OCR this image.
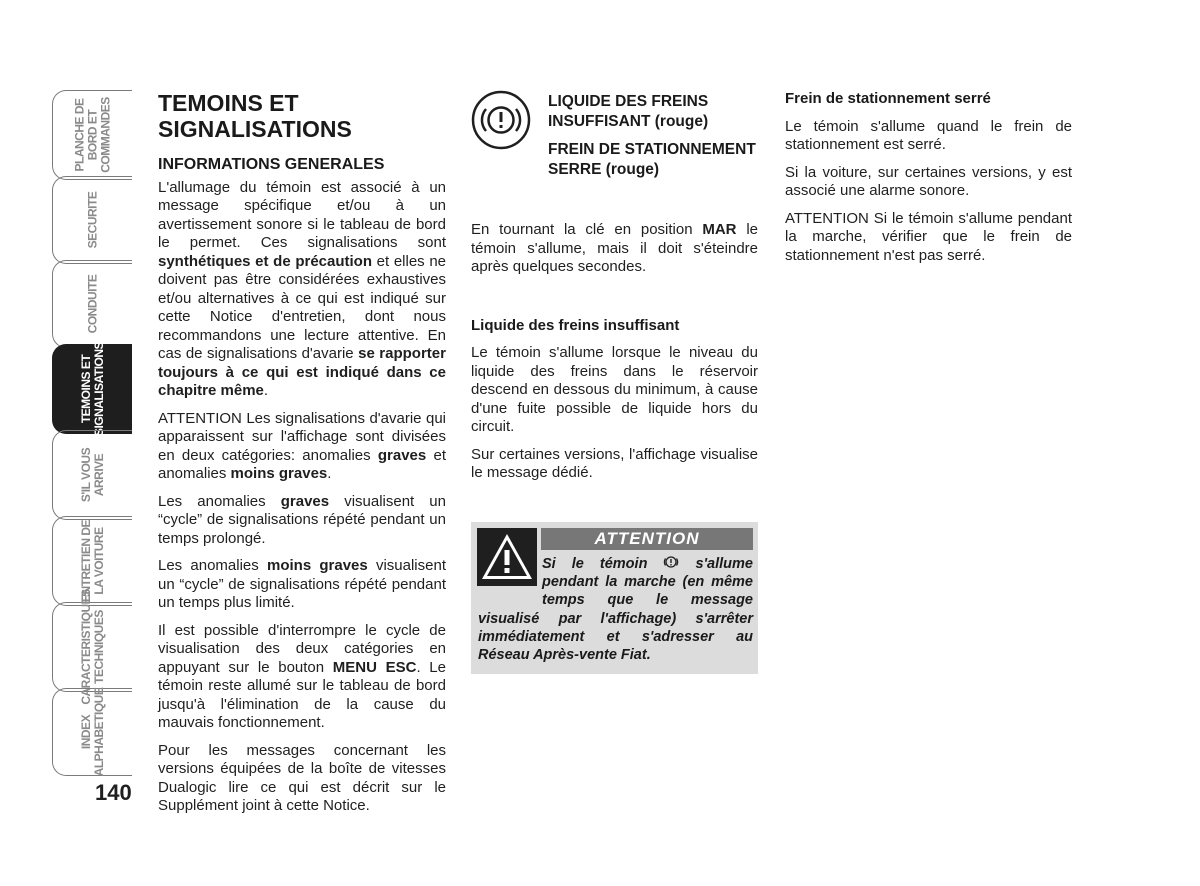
PLANCHE DE
BORD ET
COMMANDES
SECURITE
CONDUITE
TEMOINS ET
SIGNALISATIONS
S'IL VOUS
ARRIVE
ENTRETIEN DE
LA VOITURE
CARACTERISTIQUES
TECHNIQUES
INDEX
ALPHABETIQUE
140
TEMOINS ET SIGNALISATIONS
INFORMATIONS GENERALES

L'allumage du témoin est associé à un message spécifique et/ou à un avertissement sonore si le tableau de bord le permet. Ces signalisations sont synthétiques et de précaution et elles ne doivent pas être considérées exhaustives et/ou alternatives à ce qui est indiqué sur cette Notice d'entretien, dont nous recommandons une lecture attentive. En cas de signalisations d'avarie se rapporter toujours à ce qui est indiqué dans ce chapitre même.

ATTENTION Les signalisations d'avarie qui apparaissent sur l'affichage sont divisées en deux catégories: anomalies graves et anomalies moins graves.

Les anomalies graves visualisent un “cycle” de signalisations répété pendant un temps prolongé.

Les anomalies moins graves visualisent un “cycle” de signalisations répété pendant un temps plus limité.

Il est possible d'interrompre le cycle de visualisation des deux catégories en appuyant sur le bouton MENU ESC. Le témoin reste allumé sur le tableau de bord jusqu'à l'élimination de la cause du mauvais fonctionnement.

Pour les messages concernant les versions équipées de la boîte de vitesses Dualogic lire ce qui est décrit sur le Supplément joint à cette Notice.

LIQUIDE DES FREINS INSUFFISANT (rouge)
FREIN DE STATIONNEMENT SERRE (rouge)

En tournant la clé en position MAR le témoin s'allume, mais il doit s'éteindre après quelques secondes.

Liquide des freins insuffisant

Le témoin s'allume lorsque le niveau du liquide des freins dans le réservoir descend en dessous du minimum, à cause d'une fuite possible de liquide hors du circuit.

Sur certaines versions, l'affichage visualise le message dédié.

ATTENTION
Si le témoin  s'allume pendant la marche (en même temps que le message visualisé par l'affichage) s'arrêter immédiatement et s'adresser au Réseau Après-vente Fiat.
Frein de stationnement serré

Le témoin s'allume quand le frein de stationnement est serré.

Si la voiture, sur certaines versions, y est associé une alarme sonore.

ATTENTION Si le témoin s'allume pendant la marche, vérifier que le frein de stationnement n'est pas serré.
